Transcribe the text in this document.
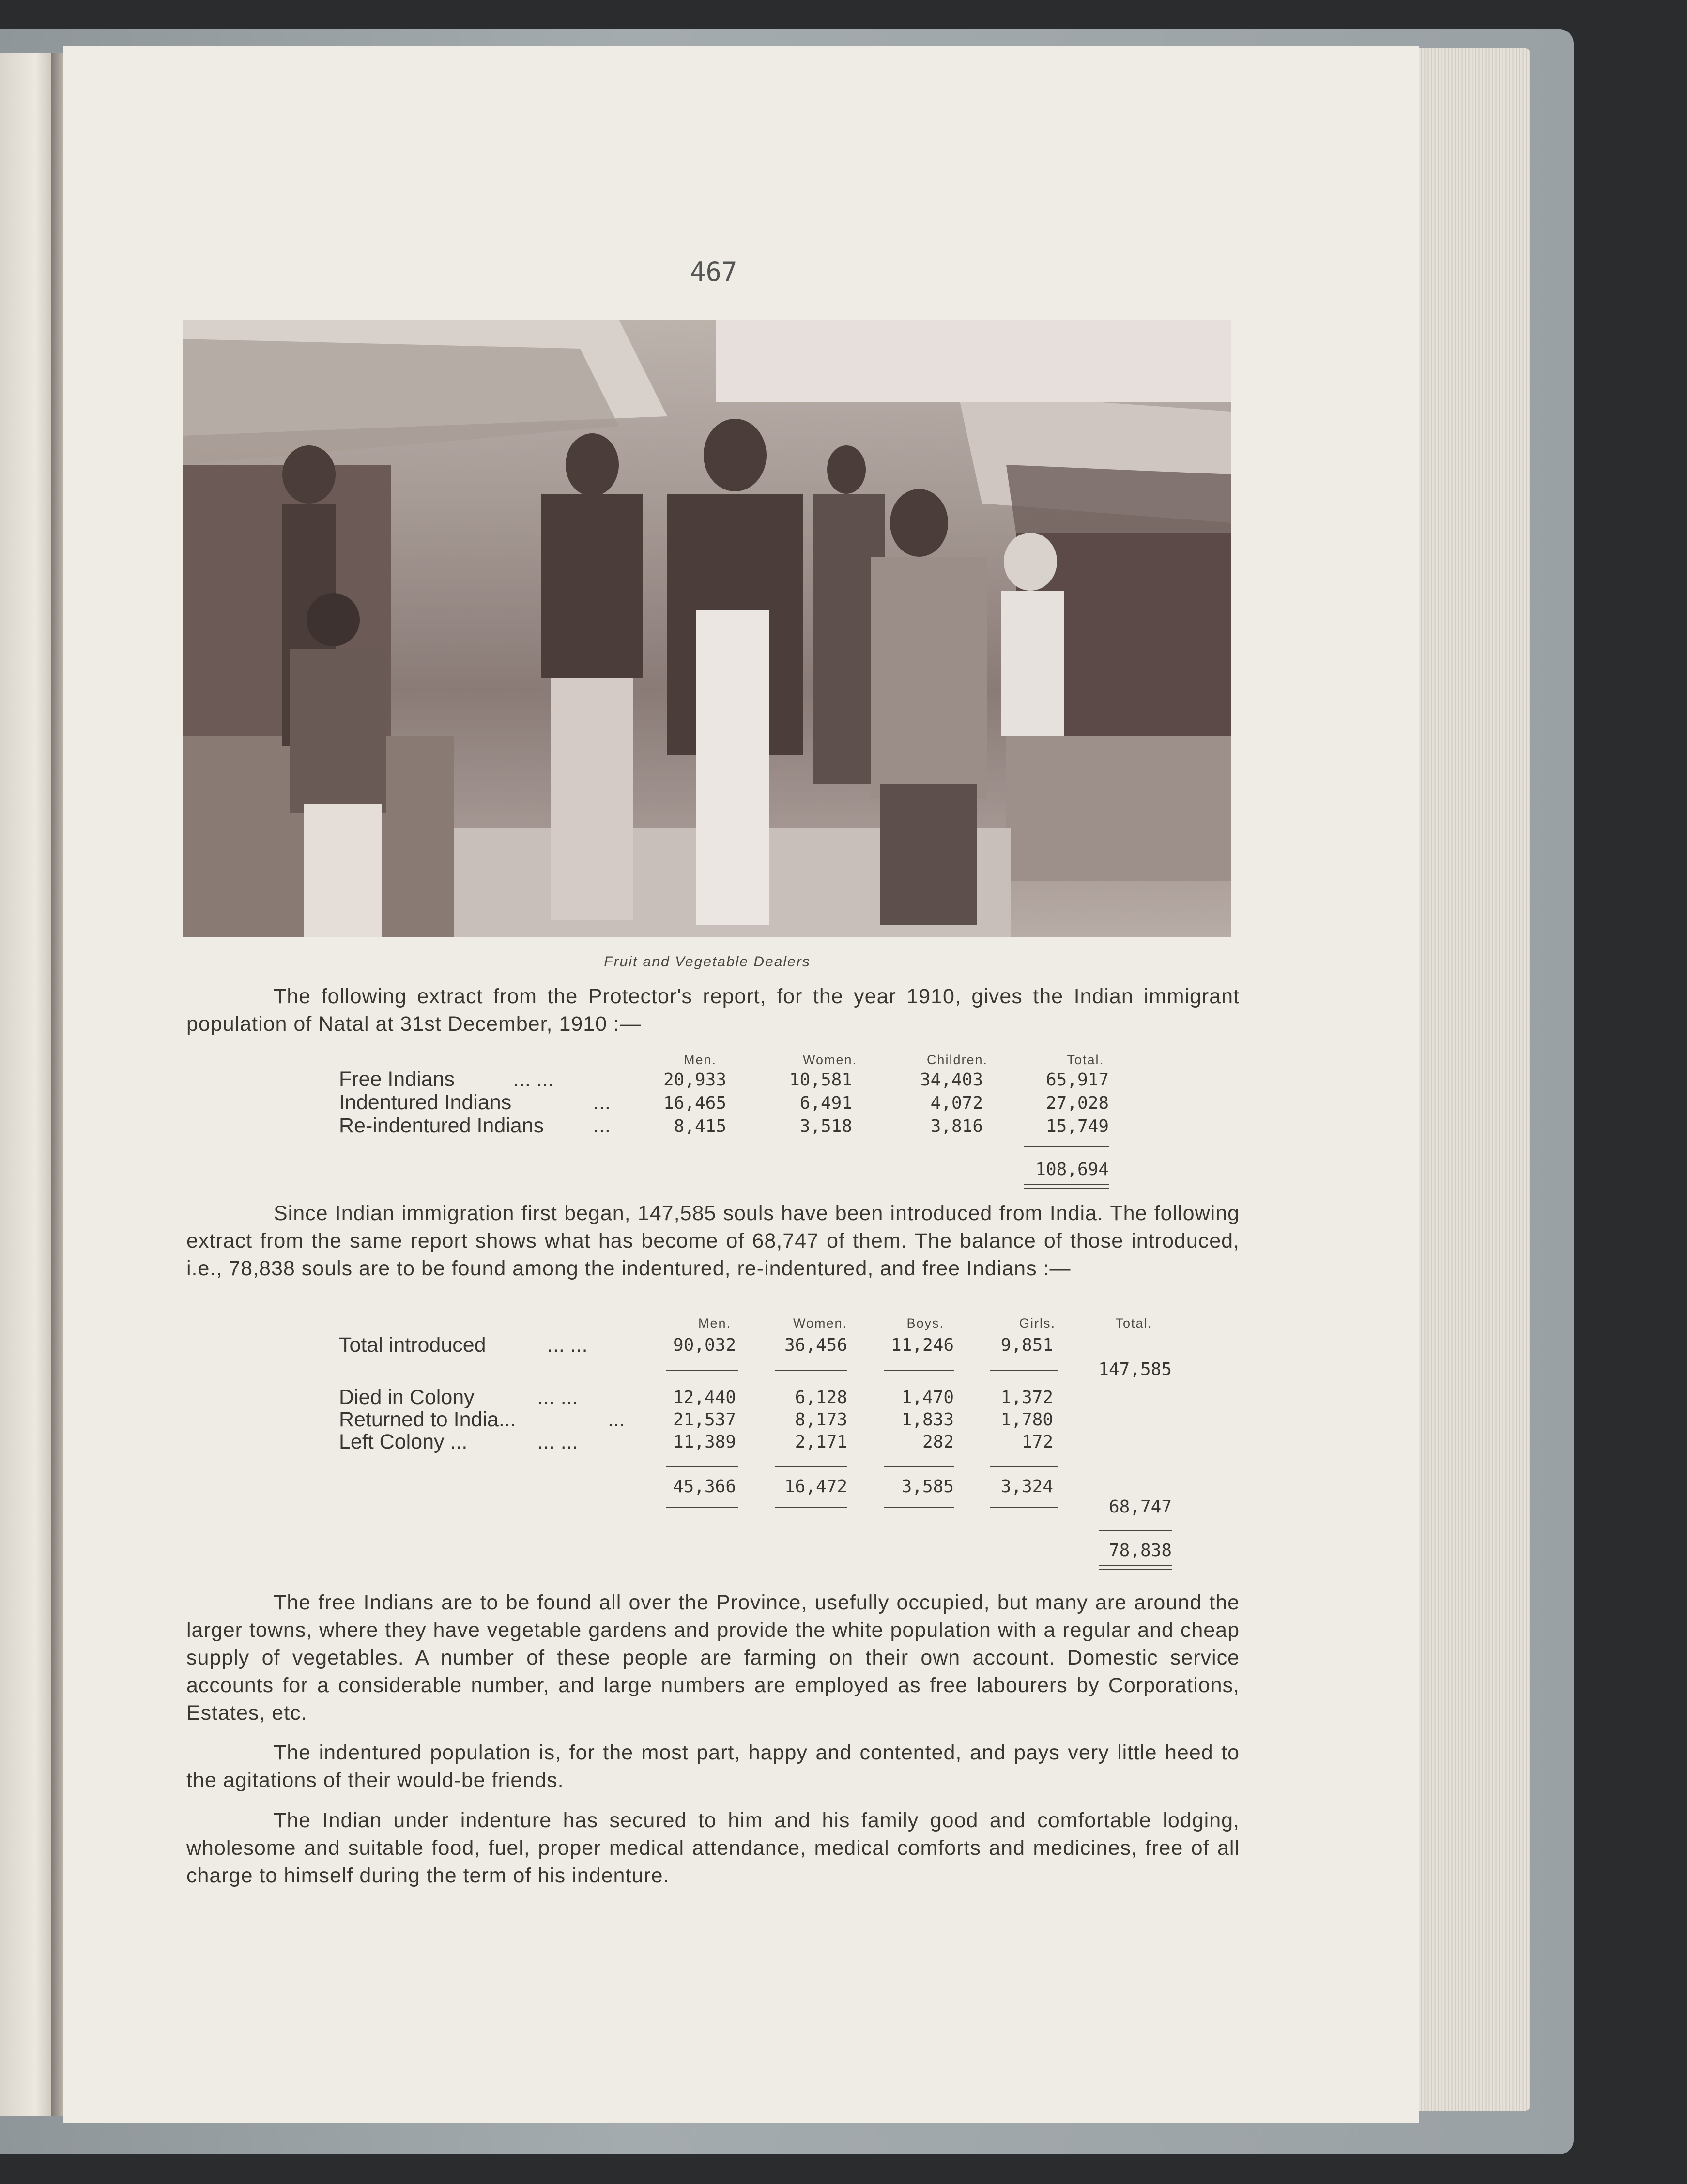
467
Fruit and Vegetable Dealers
The following extract from the Protector's report, for the year 1910, gives the Indian immigrant population of Natal at 31st December, 1910 :—
Men.	Women.	Children.	Total.
Free Indians	... ...	20,933	10,581	34,403	65,917
Indentured Indians	...	16,465	6,491	4,072	27,028
Re-indentured Indians ...	8,415	3,518	3,816	15,749
108,694
Since Indian immigration first began, 147,585 souls have been introduced from India. The following extract from the same report shows what has become of 68,747 of them. The balance of those introduced, i.e., 78,838 souls are to be found among the indentured, re-indentured, and free Indians :—
Men.	Women.	Boys.	Girls.	Total.
Total introduced	... ...	90,032	36,456	11,246	9,851
147,585
Died in Colony	... ...	12,440	6,128	1,470	1,372
Returned to India...	...	21,537	8,173	1,833	1,780
Left Colony ...	... ...	11,389	2,171	282	172
45,366	16,472	3,585	3,324
68,747
78,838
The free Indians are to be found all over the Province, usefully occupied, but many are around the larger towns, where they have vegetable gardens and provide the white population with a regular and cheap supply of vegetables. A number of these people are farming on their own account. Domestic service accounts for a considerable number, and large numbers are employed as free labourers by Corporations, Estates, etc.
The indentured population is, for the most part, happy and contented, and pays very little heed to the agitations of their would-be friends.
The Indian under indenture has secured to him and his family good and comfortable lodging, wholesome and suitable food, fuel, proper medical attendance, medical comforts and medicines, free of all charge to himself during the term of his indenture.
